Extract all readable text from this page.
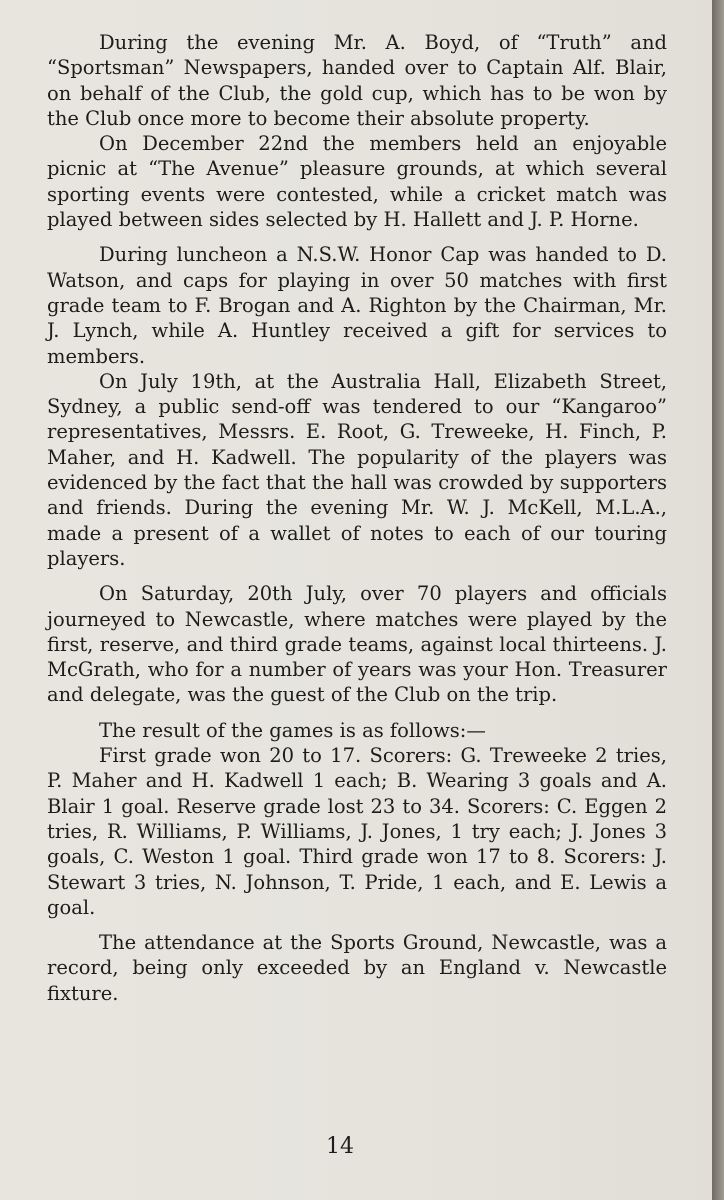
During the evening Mr. A. Boyd, of “Truth” and “Sportsman” Newspapers, handed over to Captain Alf. Blair, on behalf of the Club, the gold cup, which has to be won by the Club once more to become their absolute property.

On December 22nd the members held an enjoyable picnic at “The Avenue” pleasure grounds, at which several sporting events were contested, while a cricket match was played between sides selected by H. Hallett and J. P. Horne.

During luncheon a N.S.W. Honor Cap was handed to D. Watson, and caps for playing in over 50 matches with first grade team to F. Brogan and A. Righton by the Chairman, Mr. J. Lynch, while A. Huntley received a gift for services to members.

On July 19th, at the Australia Hall, Elizabeth Street, Sydney, a public send-off was tendered to our “Kangaroo” representatives, Messrs. E. Root, G. Treweeke, H. Finch, P. Maher, and H. Kadwell. The popularity of the players was evidenced by the fact that the hall was crowded by supporters and friends. During the evening Mr. W. J. McKell, M.L.A., made a present of a wallet of notes to each of our touring players.

On Saturday, 20th July, over 70 players and officials journeyed to Newcastle, where matches were played by the first, reserve, and third grade teams, against local thirteens. J. McGrath, who for a number of years was your Hon. Treasurer and delegate, was the guest of the Club on the trip.

The result of the games is as follows:—

First grade won 20 to 17. Scorers: G. Treweeke 2 tries, P. Maher and H. Kadwell 1 each; B. Wearing 3 goals and A. Blair 1 goal. Reserve grade lost 23 to 34. Scorers: C. Eggen 2 tries, R. Williams, P. Williams, J. Jones, 1 try each; J. Jones 3 goals, C. Weston 1 goal. Third grade won 17 to 8. Scorers: J. Stewart 3 tries, N. Johnson, T. Pride, 1 each, and E. Lewis a goal.

The attendance at the Sports Ground, Newcastle, was a record, being only exceeded by an England v. Newcastle fixture.

14
